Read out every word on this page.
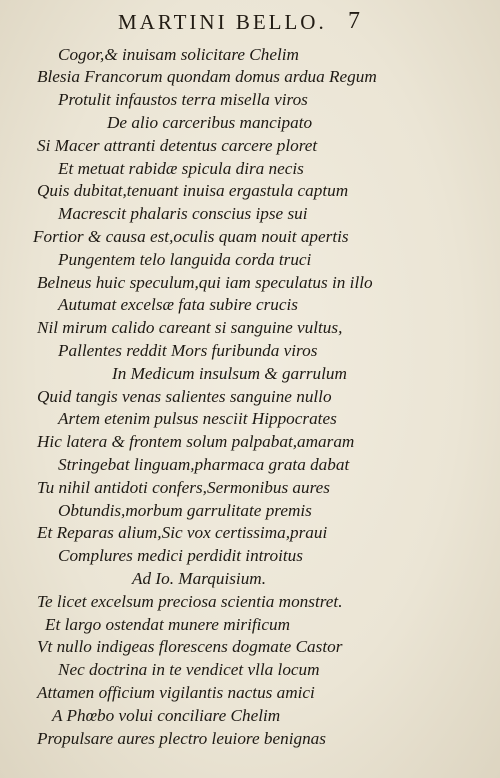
MARTINI BELLO. 7
Cogor,& inuisam solicitare Chelim
Blesia Francorum quondam domus ardua Regum
Protulit infaustos terra misella viros
De alio carceribus mancipato
Si Macer attranti detentus carcere ploret
Et metuat rabidæ spicula dira necis
Quis dubitat,tenuant inuisa ergastula captum
Macrescit phalaris conscius ipse sui
Fortior & causa est,oculis quam nouit apertis
Pungentem telo languida corda truci
Belneus huic speculum,qui iam speculatus in illo
Autumat excelsæ fata subire crucis
Nil mirum calido careant si sanguine vultus,
Pallentes reddit Mors furibunda viros
In Medicum insulsum & garrulum
Quid tangis venas salientes sanguine nullo
Artem etenim pulsus nesciit Hippocrates
Hic latera & frontem solum palpabat,amaram
Stringebat linguam,pharmaca grata dabat
Tu nihil antidoti confers,Sermonibus aures
Obtundis,morbum garrulitate premis
Et Reparas alium,Sic vox certissima,praui
Complures medici perdidit introitus
Ad Io. Marquisium.
Te licet excelsum preciosa scientia monstret.
Et largo ostendat munere mirificum
Vt nullo indigeas florescens dogmate Castor
Nec doctrina in te vendicet vlla locum
Attamen officium vigilantis nactus amici
A Phœbo volui conciliare Chelim
Propulsare aures plectro leuiore benignas
